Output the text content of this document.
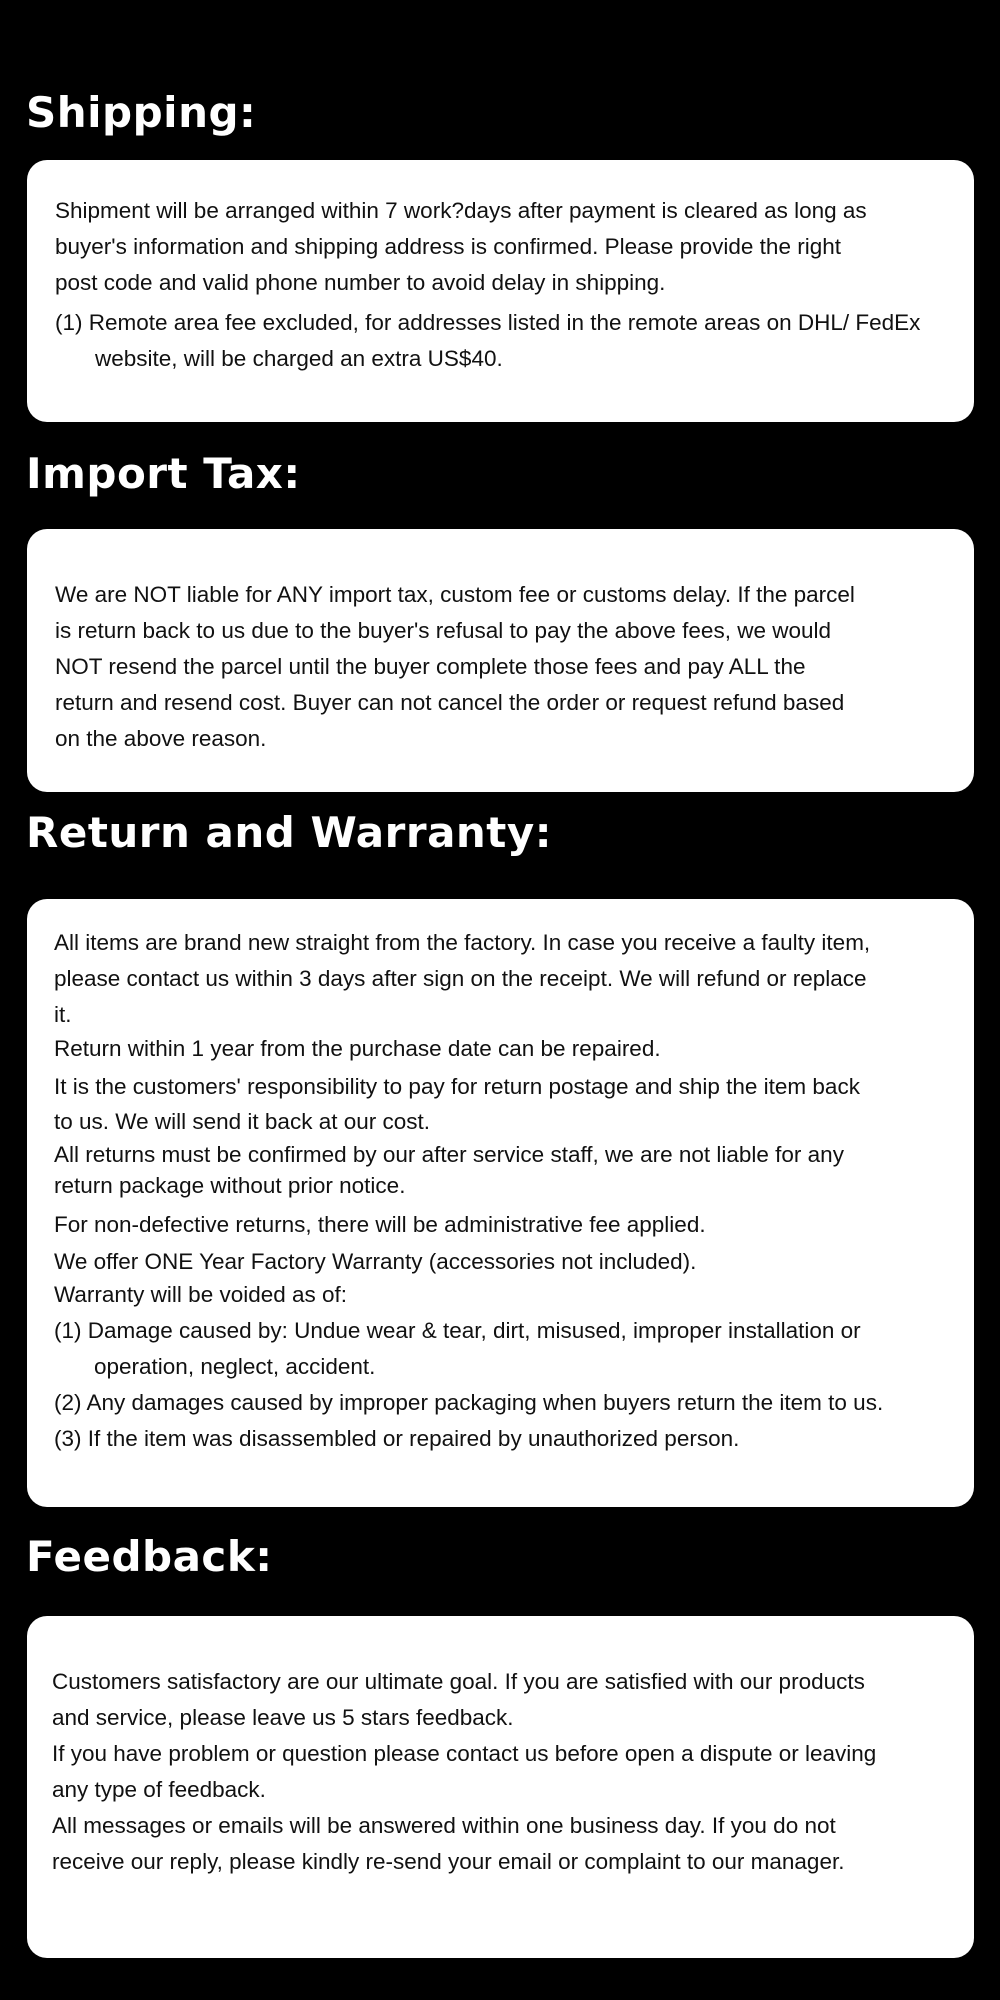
Shipping:

Shipment will be arranged within 7 work?days after payment is cleared as long as buyer's information and shipping address is confirmed. Please provide the right post code and valid phone number to avoid delay in shipping.

(1) Remote area fee excluded, for addresses listed in the remote areas on DHL/ FedEx website, will be charged an extra US$40.

Import Tax:

We are NOT liable for ANY import tax, custom fee or customs delay. If the parcel is return back to us due to the buyer's refusal to pay the above fees, we would NOT resend the parcel until the buyer complete those fees and pay ALL the return and resend cost. Buyer can not cancel the order or request refund based on the above reason.

Return and Warranty:

All items are brand new straight from the factory. In case you receive a faulty item, please contact us within 3 days after sign on the receipt. We will refund or replace it.

Return within 1 year from the purchase date can be repaired.

It is the customers' responsibility to pay for return postage and ship the item back to us. We will send it back at our cost.

All returns must be confirmed by our after service staff, we are not liable for any return package without prior notice.

For non-defective returns, there will be administrative fee applied.

We offer ONE Year Factory Warranty (accessories not included).

Warranty will be voided as of:

(1) Damage caused by: Undue wear & tear, dirt, misused, improper installation or operation, neglect, accident.

(2) Any damages caused by improper packaging when buyers return the item to us.

(3) If the item was disassembled or repaired by unauthorized person.

Feedback:

Customers satisfactory are our ultimate goal. If you are satisfied with our products and service, please leave us 5 stars feedback.

If you have problem or question please contact us before open a dispute or leaving any type of feedback.

All messages or emails will be answered within one business day. If you do not receive our reply, please kindly re-send your email or complaint to our manager.
